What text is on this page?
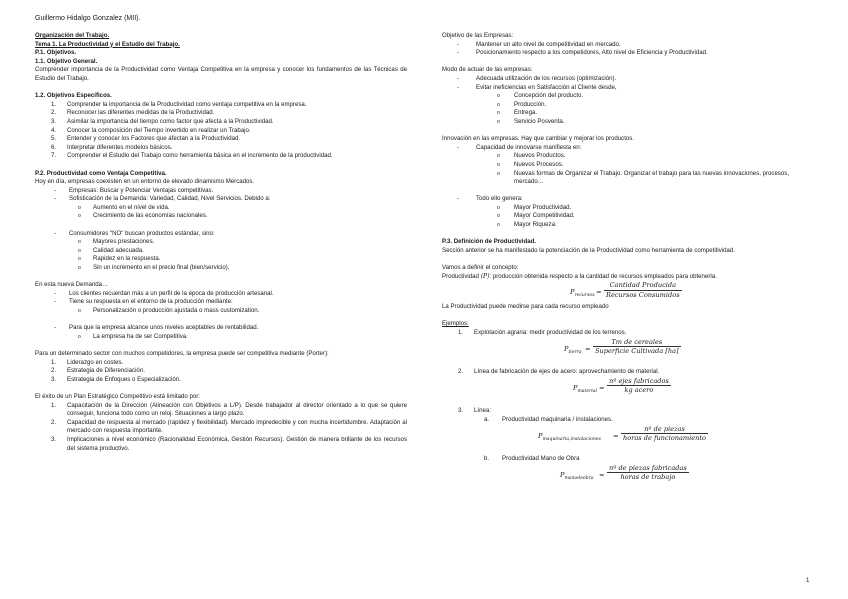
Guillermo Hidalgo Gonzalez (MII).

Organización del Trabajo.

Tema 1. La Productividad y el Estudio del Trabajo.

P.1. Objetivos.

1.1. Objetivo General.

Comprender importancia de la Productividad como Ventaja Competitiva en la empresa y conocer los fundamentos de las Técnicas de Estudio del Trabajo.

1.2. Objetivos Específicos.

1. Comprender la importancia de la Productividad como ventaja competitiva en la empresa.
2. Reconocer las diferentes medidas de la Productividad.
3. Asimilar la importancia del tiempo como factor que afecta a la Productividad.
4. Conocer la composición del Tiempo invertido en realizar un Trabajo.
5. Entender y conocer los Factores que afectan a la Productividad.
6. Interpretar diferentes modelos básicos.
7. Comprender el Estudio del Trabajo como herramienta básica en el incremento de la productividad.

P.2. Productividad como Ventaja Competitiva.

Hoy en día, empresas coexisten en un entorno de elevado dinamismo Mercados.

- Empresas: Buscar y Potenciar Ventajas competitivas.
- Sofisticación de la Demanda: Variedad, Calidad, Nivel Servicios. Debido a:
o Aumento en el nivel de vida.
o Crecimiento de las economías nacionales.
- Consumidores "NO" buscan productos estándar, sino:
o Mayores prestaciones.
o Calidad adecuada.
o Rapidez en la respuesta.
o Sin un incremento en el precio final (bien/servicio).

En esta nueva Demanda…

- Los clientes recuerdan más a un perfil de la época de producción artesanal.
- Tiene su respuesta en el entorno de la producción mediante:
o Personalización o producción ajustada o mass customization.
- Para que la empresa alcance unos niveles aceptables de rentabilidad.
o La empresa ha de ser Competitiva.

Para un determinado sector con muchos competidores, la empresa puede ser competitiva mediante (Porter):

1. Liderazgo en costes.
2. Estrategia de Diferenciación.
3. Estrategia de Enfoques o Especialización.

El éxito de un Plan Estratégico Competitivo está limitado por:

1. Capacitación de la Dirección (Alineación con Objetivos a L/P). Desde trabajador al director orientado a lo que se quiere conseguir, funciona todo como un reloj. Situaciones a largo plazo.
2. Capacidad de respuesta al mercado (rapidez y flexibilidad). Mercado impredecible y con mucha incertidumbre. Adaptación al mercado con respuesta importante.
3. Implicaciones a nivel económico (Racionalidad Económica, Gestión Recursos). Gestión de manera brillante de los recursos del sistema productivo.

Objetivo de las Empresas:

-	Mantener un alto nivel de competitividad en mercado.
-	Posicionamiento respecto a los competidores, Alto nivel de Eficiencia y Productividad.

Modo de actuar de las empresas:

-	Adecuada utilización de los recursos (optimización).
-	Evitar ineficiencias en Satisfacción al Cliente desde,
o Concepción del producto.
o Producción.
o Entrega.
o Servicio Posventa.

Innovación en las empresas. Hay que cambiar y mejorar los productos.

-	Capacidad de innovarse manifiesta en:
o Nuevos Productos.
o Nuevos Procesos.
o Nuevas formas de Organizar el Trabajo. Organizar el trabajo para las nuevas innovaciones, procesos, mercado…
-	Todo ello genera:
o Mayor Productividad.
o Mayor Competitividad.
o Mayor Riqueza.

P.3. Definición de Productividad.

Sección anterior se ha manifestado la potenciación de la Productividad como herramienta de competitividad.

Vamos a definir el concepto:

Productividad (P): producción obtenida respecto a la cantidad de recursos empleados para obtenerla.

$P_{recursos}$ =
Cantidad Producida
Recursos Consumidos

La Productividad puede medirse para cada recurso empleado

Ejemplos:

1. Explotación agraria: medir productividad de los terrenos.
$P_{tierra}$ =
Tm de cereales
Superficie Cultivada [ha]
2. Línea de fabricación de ejes de acero: aprovechamiento de material.
$P_{material}$ =
nº ejes fabricados
kg acero
3. Línea:
a. Productividad maquinaria / instalaciones.
$P_{maquinaria,instalaciones}$ =
nº de piezas
horas de funcionamiento
b. Productividad Mano de Obra
$P_{manodeobra}$ =
nº de piezas fabricadas
horas de trabajo
1
